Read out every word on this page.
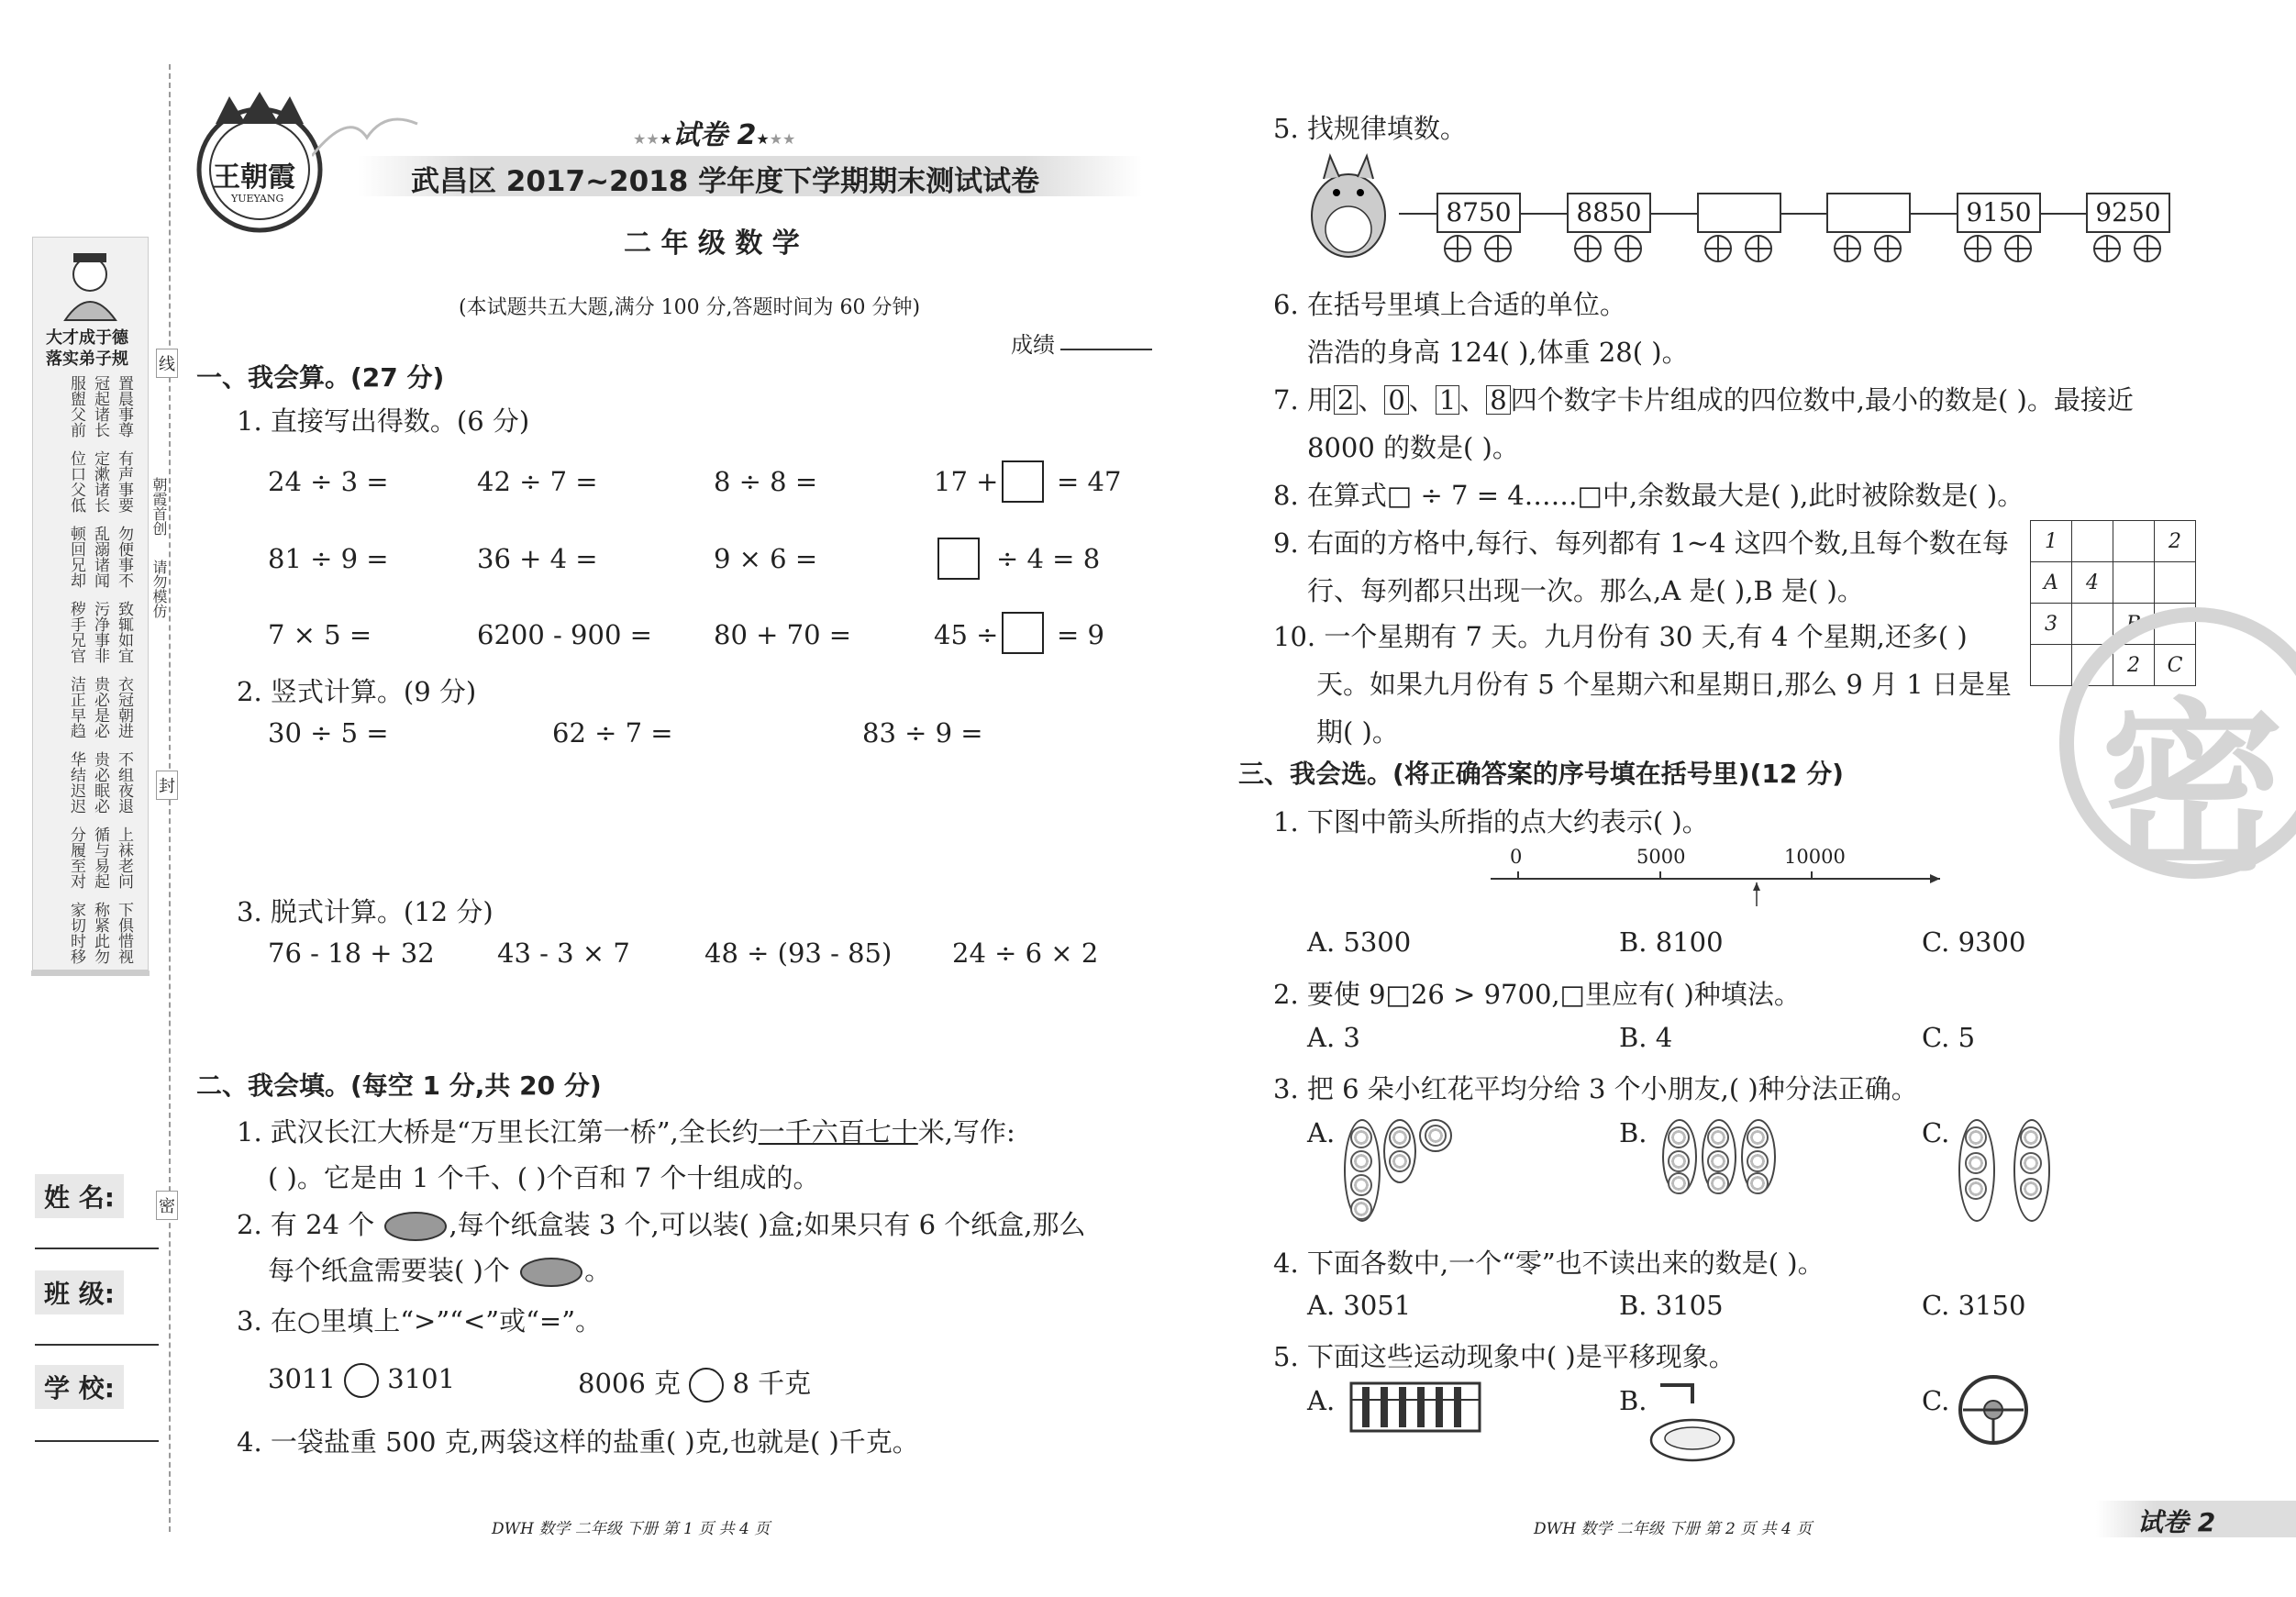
大才成于德
落实弟子规
置晨事尊
冠起诸长
服盥父前
有声事要
定漱诸长
位口父低
勿便事不
乱溺诸闻
顿回兄却
致辄如宜
污净事非
秽手兄官
衣冠朝进
贵必是必
洁正早趋
不组夜退
贵必眠必
华结迟迟
上袜老问
循与易起
分履至对
下俱惜视
称紧此勿
家切时移
姓 名:
班 级:
学 校:
线
朝霞首创
请勿模仿
封
密
王朝霞
YUEYANG
★★★试卷 2★★★
武昌区 2017~2018 学年度下学期期末测试试卷
二 年 级 数 学
(本试题共五大题,满分 100 分,答题时间为 60 分钟)
成绩
一、我会算。(27 分)
1. 直接写出得数。(6 分)
24 ÷ 3 =	42 ÷ 7 =	8 ÷ 8 =	17 + = 47
81 ÷ 9 =	36 + 4 =	9 × 6 =	÷ 4 = 8
7 × 5 =	6200 - 900 = 80 + 70 =	45 ÷ = 9
2. 竖式计算。(9 分)
30 ÷ 5 =	62 ÷ 7 =	83 ÷ 9 =
3. 脱式计算。(12 分)
76 - 18 + 32 43 - 3 × 7	48 ÷ (93 - 85) 24 ÷ 6 × 2
二、我会填。(每空 1 分,共 20 分)
1. 武汉长江大桥是“万里长江第一桥”,全长约一千六百七十米,写作:
( )。它是由 1 个千、( )个百和 7 个十组成的。
2. 有 24 个	,每个纸盒装 3 个,可以装( )盒;如果只有 6 个纸盒,那么
每个纸盒需要装( )个	。
3. 在○里填上“>”“<”或“=”。
3011 3101	8006 克 8 千克
4. 一袋盐重 500 克,两袋这样的盐重( )克,也就是( )千克。
DWH 数学 二年级 下册 第 1 页 共 4 页
5. 找规律填数。
8750	8850	9150	9250
6. 在括号里填上合适的单位。
浩浩的身高 124( ),体重 28( )。
7. 用 2 、 0 、 1 、 8 四个数字卡片组成的四位数中,最小的数是( )。最接近
8000 的数是( )。
8. 在算式□ ÷ 7 = 4……□中,余数最大是( ),此时被除数是( )。
9. 右面的方格中,每行、每列都有 1~4 这四个数,且每个数在每
行、每列都只出现一次。那么,A 是( ),B 是( )。
1			2
A	4		
3		B	
		2	C
10. 一个星期有 7 天。九月份有 30 天,有 4 个星期,还多( )
天。如果九月份有 5 个星期六和星期日,那么 9 月 1 日是星
期( )。	密
三、我会选。(将正确答案的序号填在括号里)(12 分)
1. 下图中箭头所指的点大约表示( )。
0	5000	10000
A. 5300	B. 8100	C. 9300
2. 要使 9□26 > 9700,□里应有( )种填法。
A. 3	B. 4	C. 5
3. 把 6 朵小红花平均分给 3 个小朋友,( )种分法正确。
A.	B.	C.
4. 下面各数中,一个“零”也不读出来的数是( )。
A. 3051	B. 3105	C. 3150
5. 下面这些运动现象中( )是平移现象。
A.	B.	C.
DWH 数学 二年级 下册 第 2 页 共 4 页	试卷 2
